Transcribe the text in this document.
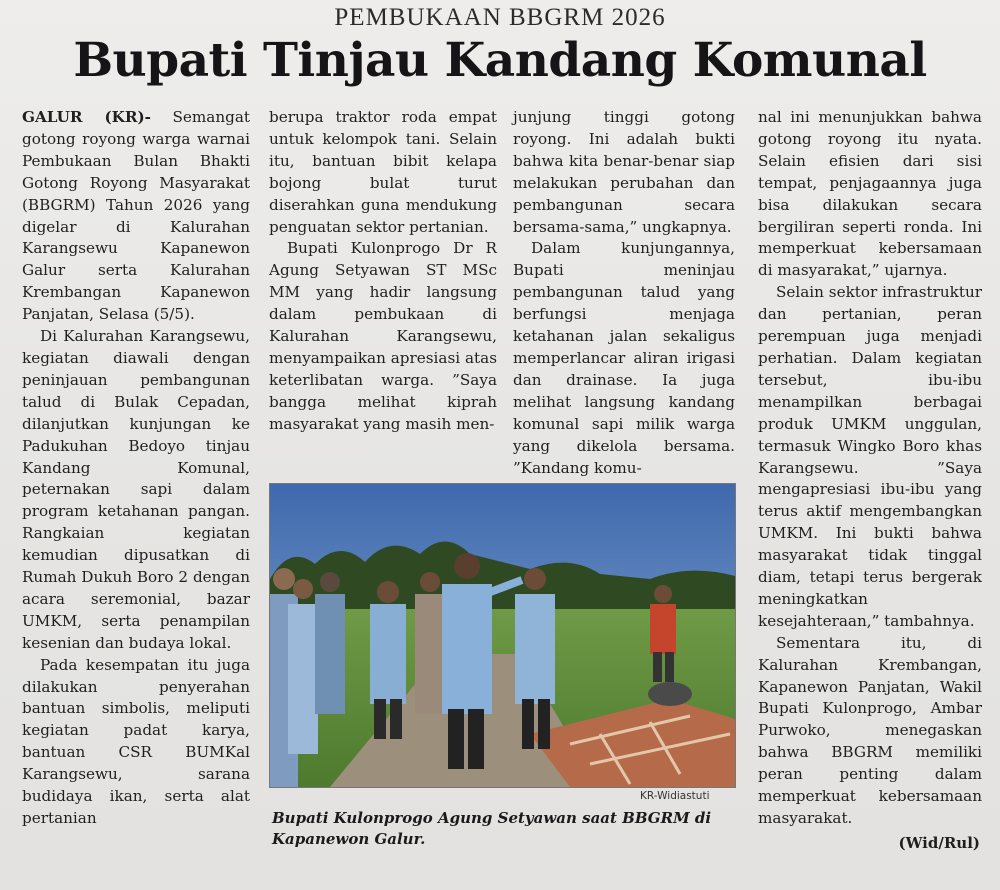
PEMBUKAAN BBGRM 2026
Bupati Tinjau Kandang Komunal

GALUR (KR)- Semangat gotong royong warga warnai Pembukaan Bulan Bhakti Gotong Royong Masyarakat (BBGRM) Tahun 2026 yang digelar di Kalurahan Karangsewu Kapanewon Galur serta Kalurahan Krembangan Kapanewon Panjatan, Selasa (5/5).

Di Kalurahan Karangsewu, kegiatan diawali dengan peninjauan pembangunan talud di Bulak Cepadan, dilanjutkan kunjungan ke Padukuhan Bedoyo tinjau Kandang Komunal, peternakan sapi dalam program ketahanan pangan. Rangkaian kegiatan kemudian dipusatkan di Rumah Dukuh Boro 2 dengan acara seremonial, bazar UMKM, serta penampilan kesenian dan budaya lokal.

Pada kesempatan itu juga dilakukan penyerahan bantuan simbolis, meliputi kegiatan padat karya, bantuan CSR BUMKal Karangsewu, sarana budidaya ikan, serta alat pertanian

berupa traktor roda empat untuk kelompok tani. Selain itu, bantuan bibit kelapa bojong bulat turut diserahkan guna mendukung penguatan sektor pertanian.

Bupati Kulonprogo Dr R Agung Setyawan ST MSc MM yang hadir langsung dalam pembukaan di Kalurahan Karangsewu, menyampaikan apresiasi atas keterlibatan warga. ”Saya bangga melihat kiprah masyarakat yang masih men-

junjung tinggi gotong royong. Ini adalah bukti bahwa kita benar-benar siap melakukan perubahan dan pembangunan secara bersama-sama,” ungkapnya.

Dalam kunjungannya, Bupati meninjau pembangunan talud yang berfungsi menjaga ketahanan jalan sekaligus memperlancar aliran irigasi dan drainase. Ia juga melihat langsung kandang komunal sapi milik warga yang dikelola bersama. ”Kandang komu-

nal ini menunjukkan bahwa gotong royong itu nyata. Selain efisien dari sisi tempat, penjagaannya juga bisa dilakukan secara bergiliran seperti ronda. Ini memperkuat kebersamaan di masyarakat,” ujarnya.

Selain sektor infrastruktur dan pertanian, peran perempuan juga menjadi perhatian. Dalam kegiatan tersebut, ibu-ibu menampilkan berbagai produk UMKM unggulan, termasuk Wingko Boro khas Karangsewu. ”Saya mengapresiasi ibu-ibu yang terus aktif mengembangkan UMKM. Ini bukti bahwa masyarakat tidak tinggal diam, tetapi terus bergerak meningkatkan kesejahteraan,” tambahnya.

Sementara itu, di Kalurahan Krembangan, Kapanewon Panjatan, Wakil Bupati Kulonprogo, Ambar Purwoko, menegaskan bahwa BBGRM memiliki peran penting dalam memperkuat kebersamaan masyarakat.

KR-Widiastuti
Bupati Kulonprogo Agung Setyawan saat BBGRM di Kapanewon Galur.	(Wid/Rul)
